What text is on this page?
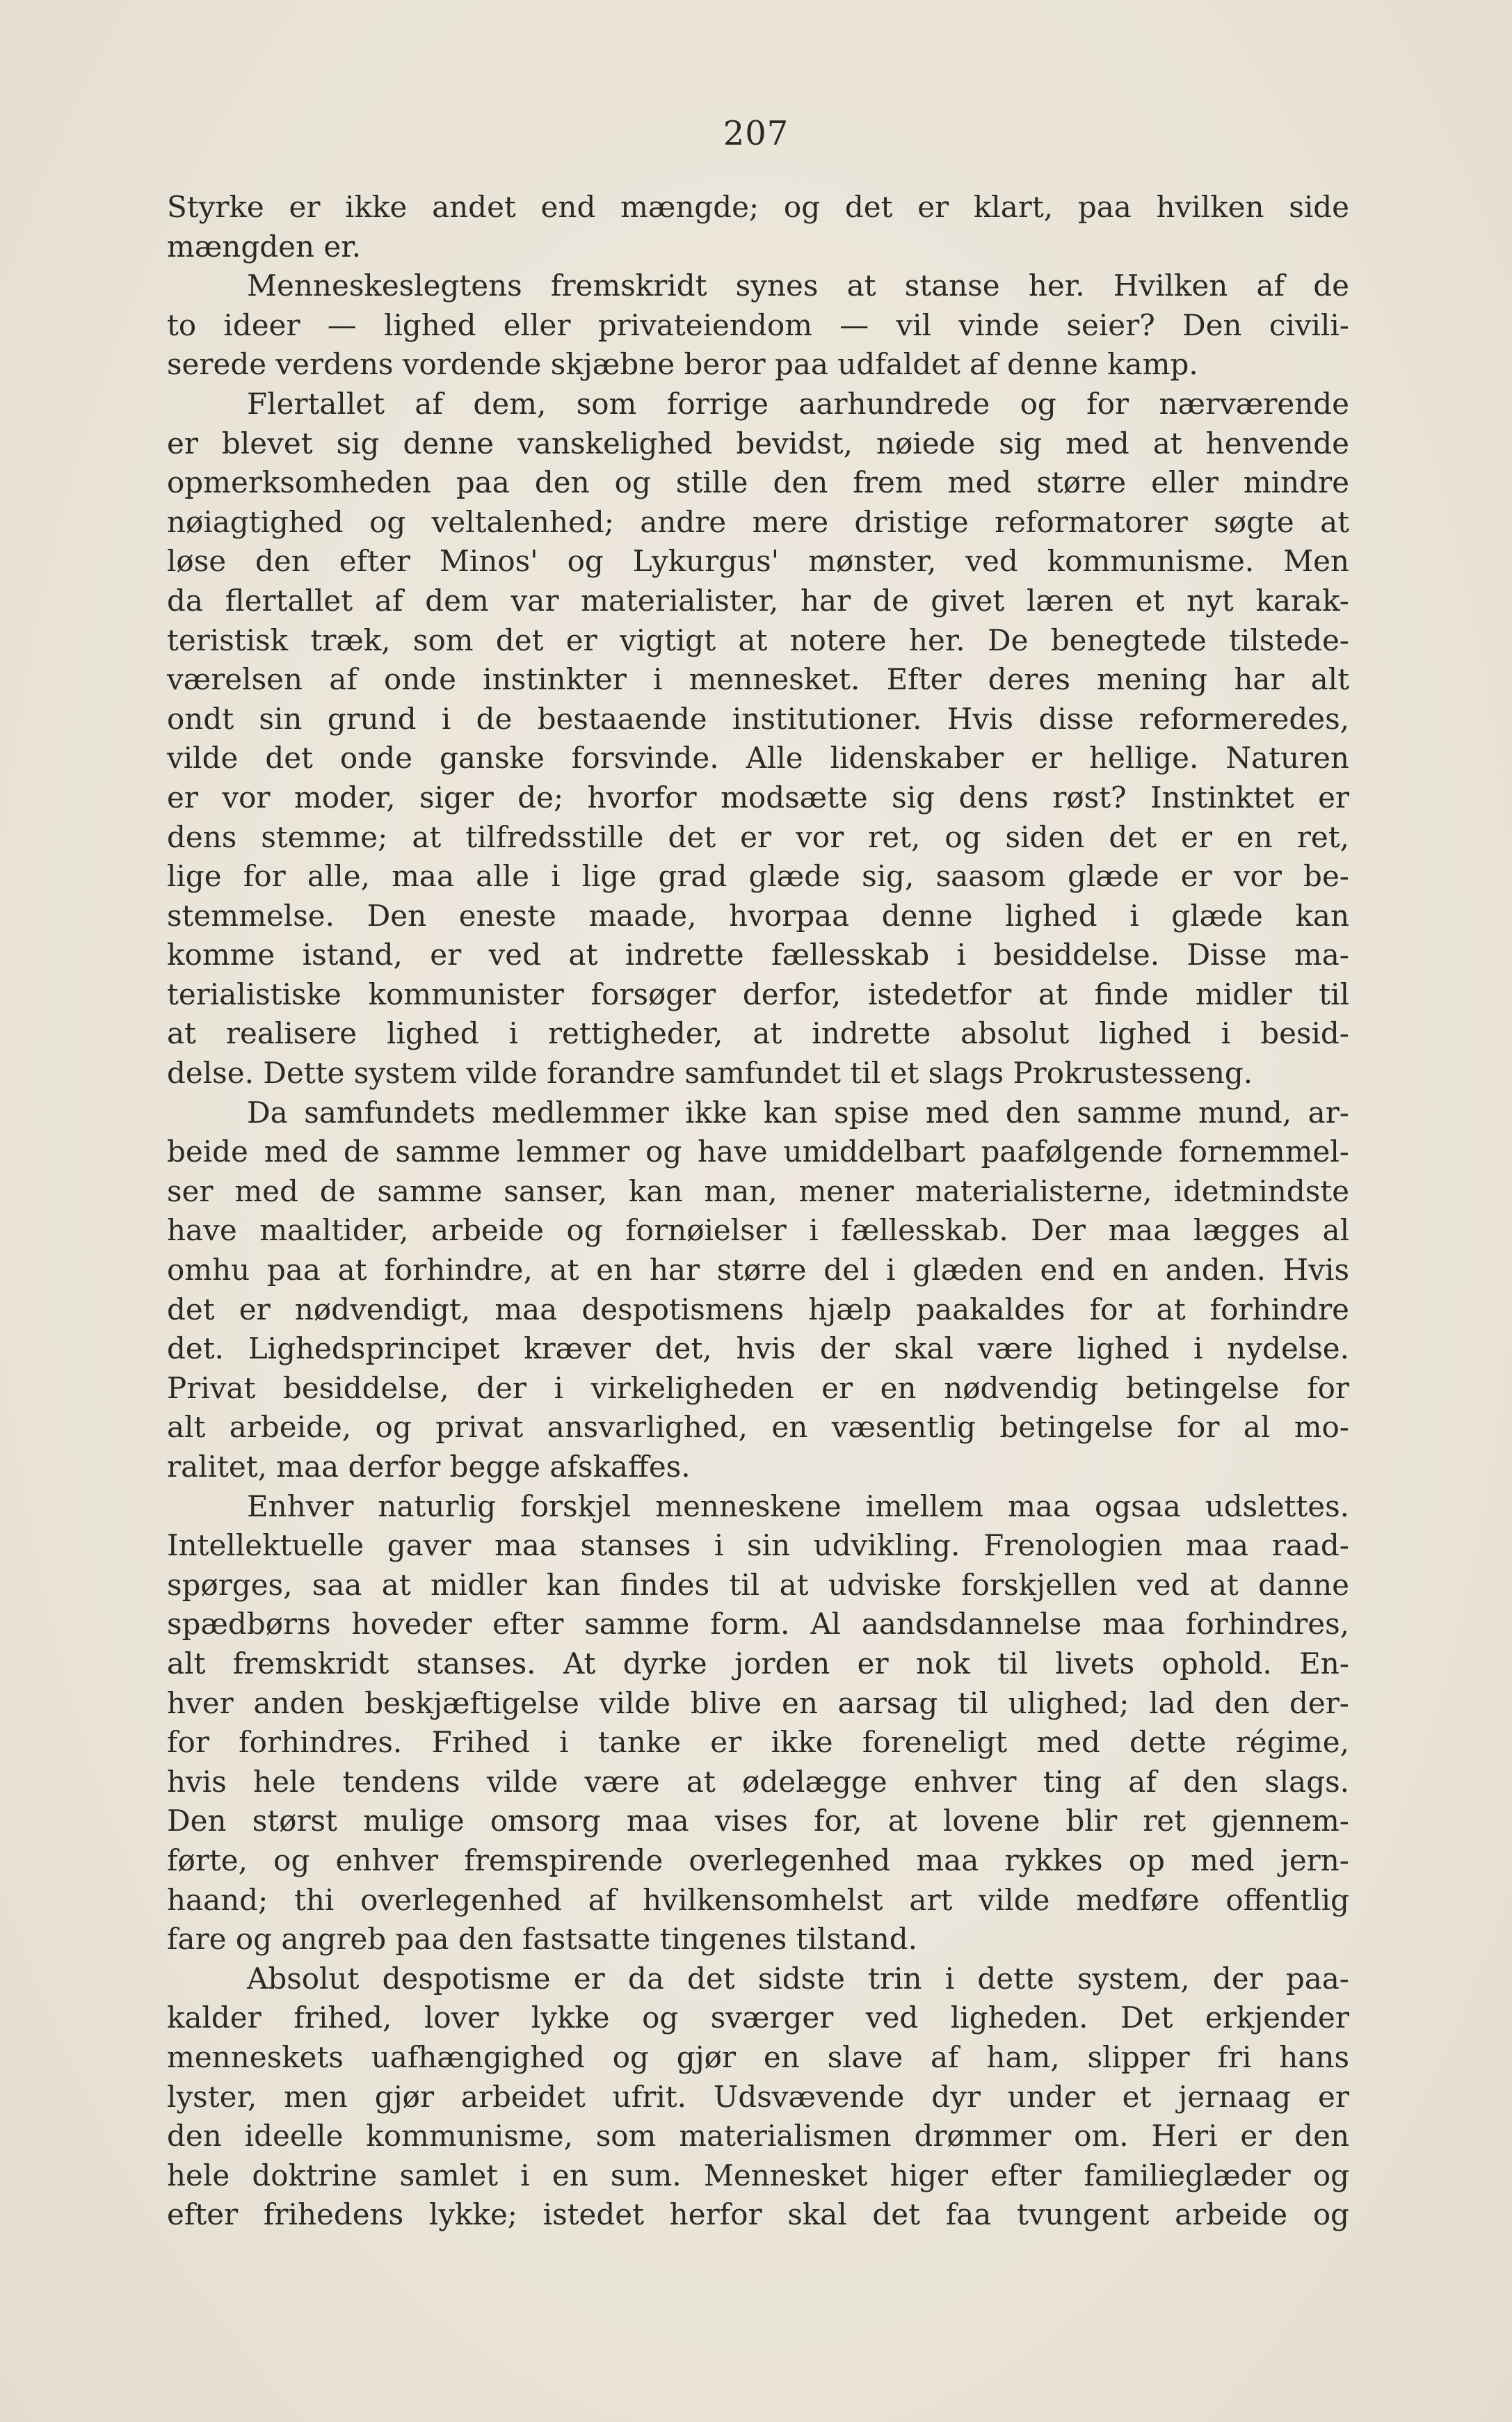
207
Styrke er ikke andet end mængde; og det er klart, paa hvilken side
mængden er.
Menneskeslegtens fremskridt synes at stanse her. Hvilken af de
to ideer — lighed eller privateiendom — vil vinde seier? Den civili-
serede verdens vordende skjæbne beror paa udfaldet af denne kamp.
Flertallet af dem, som forrige aarhundrede og for nærværende
er blevet sig denne vanskelighed bevidst, nøiede sig med at henvende
opmerksomheden paa den og stille den frem med større eller mindre
nøiagtighed og veltalenhed; andre mere dristige reformatorer søgte at
løse den efter Minos' og Lykurgus' mønster, ved kommunisme. Men
da flertallet af dem var materialister, har de givet læren et nyt karak-
teristisk træk, som det er vigtigt at notere her. De benegtede tilstede-
værelsen af onde instinkter i mennesket. Efter deres mening har alt
ondt sin grund i de bestaaende institutioner. Hvis disse reformeredes,
vilde det onde ganske forsvinde. Alle lidenskaber er hellige. Naturen
er vor moder, siger de; hvorfor modsætte sig dens røst? Instinktet er
dens stemme; at tilfredsstille det er vor ret, og siden det er en ret,
lige for alle, maa alle i lige grad glæde sig, saasom glæde er vor be-
stemmelse. Den eneste maade, hvorpaa denne lighed i glæde kan
komme istand, er ved at indrette fællesskab i besiddelse. Disse ma-
terialistiske kommunister forsøger derfor, istedetfor at finde midler til
at realisere lighed i rettigheder, at indrette absolut lighed i besid-
delse. Dette system vilde forandre samfundet til et slags Prokrustesseng.
Da samfundets medlemmer ikke kan spise med den samme mund, ar-
beide med de samme lemmer og have umiddelbart paafølgende fornemmel-
ser med de samme sanser, kan man, mener materialisterne, idetmindste
have maaltider, arbeide og fornøielser i fællesskab. Der maa lægges al
omhu paa at forhindre, at en har større del i glæden end en anden. Hvis
det er nødvendigt, maa despotismens hjælp paakaldes for at forhindre
det. Lighedsprincipet kræver det, hvis der skal være lighed i nydelse.
Privat besiddelse, der i virkeligheden er en nødvendig betingelse for
alt arbeide, og privat ansvarlighed, en væsentlig betingelse for al mo-
ralitet, maa derfor begge afskaffes.
Enhver naturlig forskjel menneskene imellem maa ogsaa udslettes.
Intellektuelle gaver maa stanses i sin udvikling. Frenologien maa raad-
spørges, saa at midler kan findes til at udviske forskjellen ved at danne
spædbørns hoveder efter samme form. Al aandsdannelse maa forhindres,
alt fremskridt stanses. At dyrke jorden er nok til livets ophold. En-
hver anden beskjæftigelse vilde blive en aarsag til ulighed; lad den der-
for forhindres. Frihed i tanke er ikke foreneligt med dette régime,
hvis hele tendens vilde være at ødelægge enhver ting af den slags.
Den størst mulige omsorg maa vises for, at lovene blir ret gjennem-
førte, og enhver fremspirende overlegenhed maa rykkes op med jern-
haand; thi overlegenhed af hvilkensomhelst art vilde medføre offentlig
fare og angreb paa den fastsatte tingenes tilstand.
Absolut despotisme er da det sidste trin i dette system, der paa-
kalder frihed, lover lykke og sværger ved ligheden. Det erkjender
menneskets uafhængighed og gjør en slave af ham, slipper fri hans
lyster, men gjør arbeidet ufrit. Udsvævende dyr under et jernaag er
den ideelle kommunisme, som materialismen drømmer om. Heri er den
hele doktrine samlet i en sum. Mennesket higer efter familieglæder og
efter frihedens lykke; istedet herfor skal det faa tvungent arbeide og
